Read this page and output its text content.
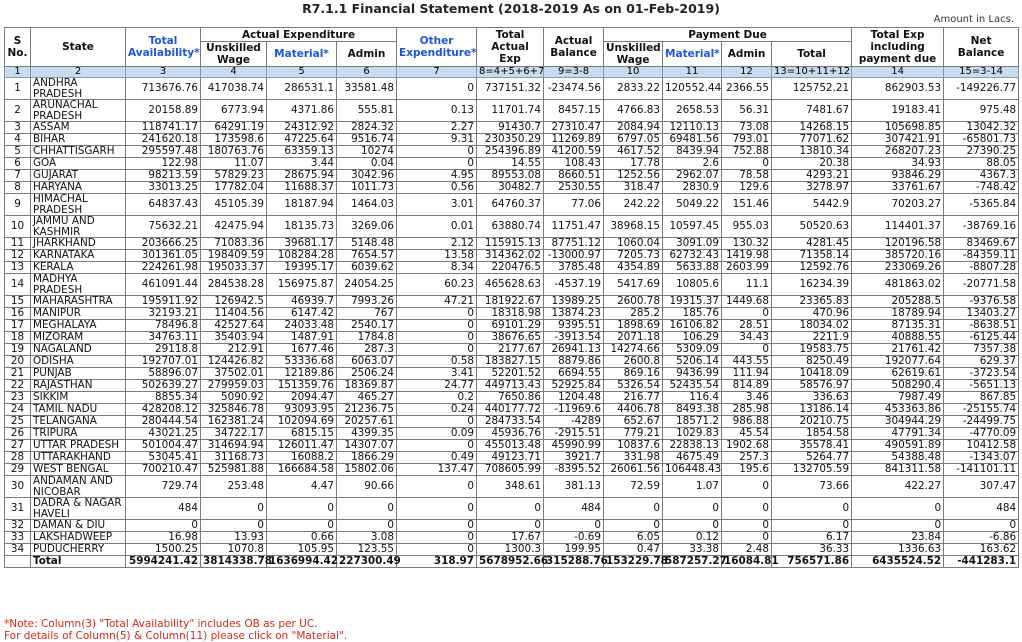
R7.1.1 Financial Statement (2018-2019 As on 01-Feb-2019)
Amount in Lacs.
S No.	State	Total Availability*	Actual Expenditure			Other Expenditure*	Total Actual Exp	Actual Balance	Payment Due				Total Exp including payment due	Net Balance
			Unskilled Wage	Material*	Admin				Unskilled Wage	Material*	Admin	Total		
1	2	3	4	5	6	7	8=4+5+6+7	9=3-8	10	11	12	13=10+11+12	14	15=3-14
1	ANDHRA PRADESH	713676.76	417038.74	286531.1	33581.48	0	737151.32	-23474.56	2833.22	120552.44	2366.55	125752.21	862903.53	-149226.77
2	ARUNACHAL PRADESH	20158.89	6773.94	4371.86	555.81	0.13	11701.74	8457.15	4766.83	2658.53	56.31	7481.67	19183.41	975.48
3	ASSAM	118741.17	64291.19	24312.92	2824.32	2.27	91430.7	27310.47	2084.94	12110.13	73.08	14268.15	105698.85	13042.32
4	BIHAR	241620.18	173598.6	47225.64	9516.74	9.31	230350.29	11269.89	6797.05	69481.56	793.01	77071.62	307421.91	-65801.73
5	CHHATTISGARH	295597.48	180763.76	63359.13	10274	0	254396.89	41200.59	4617.52	8439.94	752.88	13810.34	268207.23	27390.25
6	GOA	122.98	11.07	3.44	0.04	0	14.55	108.43	17.78	2.6	0	20.38	34.93	88.05
7	GUJARAT	98213.59	57829.23	28675.94	3042.96	4.95	89553.08	8660.51	1252.56	2962.07	78.58	4293.21	93846.29	4367.3
8	HARYANA	33013.25	17782.04	11688.37	1011.73	0.56	30482.7	2530.55	318.47	2830.9	129.6	3278.97	33761.67	-748.42
9	HIMACHAL PRADESH	64837.43	45105.39	18187.94	1464.03	3.01	64760.37	77.06	242.22	5049.22	151.46	5442.9	70203.27	-5365.84
10	JAMMU AND KASHMIR	75632.21	42475.94	18135.73	3269.06	0.01	63880.74	11751.47	38968.15	10597.45	955.03	50520.63	114401.37	-38769.16
11	JHARKHAND	203666.25	71083.36	39681.17	5148.48	2.12	115915.13	87751.12	1060.04	3091.09	130.32	4281.45	120196.58	83469.67
12	KARNATAKA	301361.05	198409.59	108284.28	7654.57	13.58	314362.02	-13000.97	7205.73	62732.43	1419.98	71358.14	385720.16	-84359.11
13	KERALA	224261.98	195033.37	19395.17	6039.62	8.34	220476.5	3785.48	4354.89	5633.88	2603.99	12592.76	233069.26	-8807.28
14	MADHYA PRADESH	461091.44	284538.28	156975.87	24054.25	60.23	465628.63	-4537.19	5417.69	10805.6	11.1	16234.39	481863.02	-20771.58
15	MAHARASHTRA	195911.92	126942.5	46939.7	7993.26	47.21	181922.67	13989.25	2600.78	19315.37	1449.68	23365.83	205288.5	-9376.58
16	MANIPUR	32193.21	11404.56	6147.42	767	0	18318.98	13874.23	285.2	185.76	0	470.96	18789.94	13403.27
17	MEGHALAYA	78496.8	42527.64	24033.48	2540.17	0	69101.29	9395.51	1898.69	16106.82	28.51	18034.02	87135.31	-8638.51
18	MIZORAM	34763.11	35403.94	1487.91	1784.8	0	38676.65	-3913.54	2071.18	106.29	34.43	2211.9	40888.55	-6125.44
19	NAGALAND	29118.8	212.91	1677.46	287.3	0	2177.67	26941.13	14274.66	5309.09	0	19583.75	21761.42	7357.38
20	ODISHA	192707.01	124426.82	53336.68	6063.07	0.58	183827.15	8879.86	2600.8	5206.14	443.55	8250.49	192077.64	629.37
21	PUNJAB	58896.07	37502.01	12189.86	2506.24	3.41	52201.52	6694.55	869.16	9436.99	111.94	10418.09	62619.61	-3723.54
22	RAJASTHAN	502639.27	279959.03	151359.76	18369.87	24.77	449713.43	52925.84	5326.54	52435.54	814.89	58576.97	508290.4	-5651.13
23	SIKKIM	8855.34	5090.92	2094.47	465.27	0.2	7650.86	1204.48	216.77	116.4	3.46	336.63	7987.49	867.85
24	TAMIL NADU	428208.12	325846.78	93093.95	21236.75	0.24	440177.72	-11969.6	4406.78	8493.38	285.98	13186.14	453363.86	-25155.74
25	TELANGANA	280444.54	162381.24	102094.69	20257.61	0	284733.54	-4289	652.67	18571.2	986.88	20210.75	304944.29	-24499.75
26	TRIPURA	43021.25	34722.17	6815.15	4399.35	0.09	45936.76	-2915.51	779.21	1029.83	45.54	1854.58	47791.34	-4770.09
27	UTTAR PRADESH	501004.47	314694.94	126011.47	14307.07	0	455013.48	45990.99	10837.6	22838.13	1902.68	35578.41	490591.89	10412.58
28	UTTARAKHAND	53045.41	31168.73	16088.2	1866.29	0.49	49123.71	3921.7	331.98	4675.49	257.3	5264.77	54388.48	-1343.07
29	WEST BENGAL	700210.47	525981.88	166684.58	15802.06	137.47	708605.99	-8395.52	26061.56	106448.43	195.6	132705.59	841311.58	-141101.11
30	ANDAMAN AND NICOBAR	729.74	253.48	4.47	90.66	0	348.61	381.13	72.59	1.07	0	73.66	422.27	307.47
31	DADRA & NAGAR HAVELI	484	0	0	0	0	0	484	0	0	0	0	0	484
32	DAMAN & DIU	0	0	0	0	0	0	0	0	0	0	0	0	0
33	LAKSHADWEEP	16.98	13.93	0.66	3.08	0	17.67	-0.69	6.05	0.12	0	6.17	23.84	-6.86
34	PUDUCHERRY	1500.25	1070.8	105.95	123.55	0	1300.3	199.95	0.47	33.38	2.48	36.33	1336.63	163.62
	Total	5994241.42	3814338.78	1636994.42	227300.49	318.97	5678952.66	315288.76	153229.78	587257.27	16084.81	756571.86	6435524.52	-441283.1
*Note: Column(3) "Total Availability" includes OB as per UC.
For details of Column(5) & Column(11) please click on "Material".
